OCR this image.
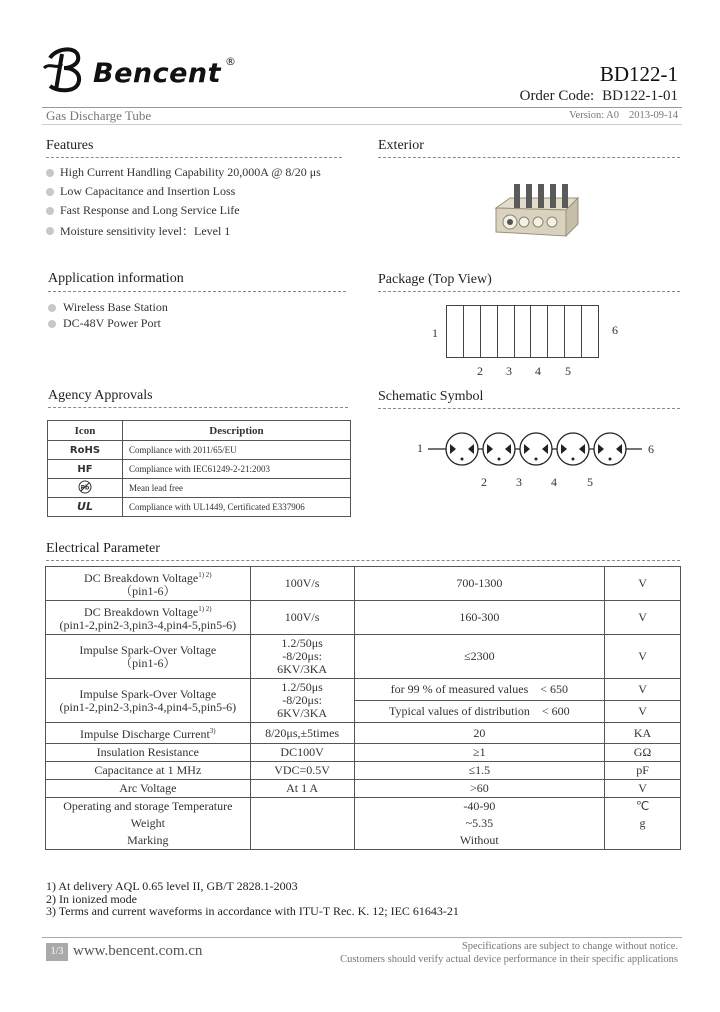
Bencent ®
BD122-1
Order Code: BD122-1-01
Gas Discharge Tube	Version: A0 2013-09-14
Features
High Current Handling Capability 20,000A @ 8/20 μs
Low Capacitance and Insertion Loss
Fast Response and Long Service Life
Moisture sensitivity level：Level 1
Exterior
Application information
Wireless Base Station
DC-48V Power Port
Package (Top View)
1	6
2 3 4 5
Agency Approvals
Icon	Description
RoHS	Compliance with 2011/65/EU
HF	Compliance with IEC61249-2-21:2003

Pb	Mean lead free

UL	Compliance with UL1449, Certificated E337906
Schematic Symbol
1	6
2 3 4	5
Electrical Parameter
DC Breakdown Voltage$^{1) 2)}$
（pin1-6）	100V/s	700-1300	V
DC Breakdown Voltage$^{1) 2)}$
(pin1-2,pin2-3,pin3-4,pin4-5,pin5-6)	100V/s	160-300	V
Impulse Spark-Over Voltage
（pin1-6）	1.2/50μs
-8/20μs:
6KV/3KA	≤2300	V
Impulse Spark-Over Voltage
(pin1-2,pin2-3,pin3-4,pin4-5,pin5-6)	1.2/50μs
-8/20μs:
6KV/3KA	for 99 % of measured values　< 650	V
		Typical values of distribution　< 600	V
Impulse Discharge Current$^{3)}$	8/20μs,±5times	20	KA
Insulation Resistance	DC100V	≥1	GΩ
Capacitance at 1 MHz	VDC=0.5V	≤1.5	pF
Arc Voltage	At 1 A	>60	V
Operating and storage Temperature		-40-90	℃
Weight		~5.35	g
Marking		Without	
1) At delivery AQL 0.65 level II, GB/T 2828.1-2003
2) In ionized mode
3) Terms and current waveforms in accordance with ITU-T Rec. K. 12; IEC 61643-21
1/3 www.bencent.com.cn	Specifications are subject to change without notice.
Customers should verify actual device performance in their specific applications
